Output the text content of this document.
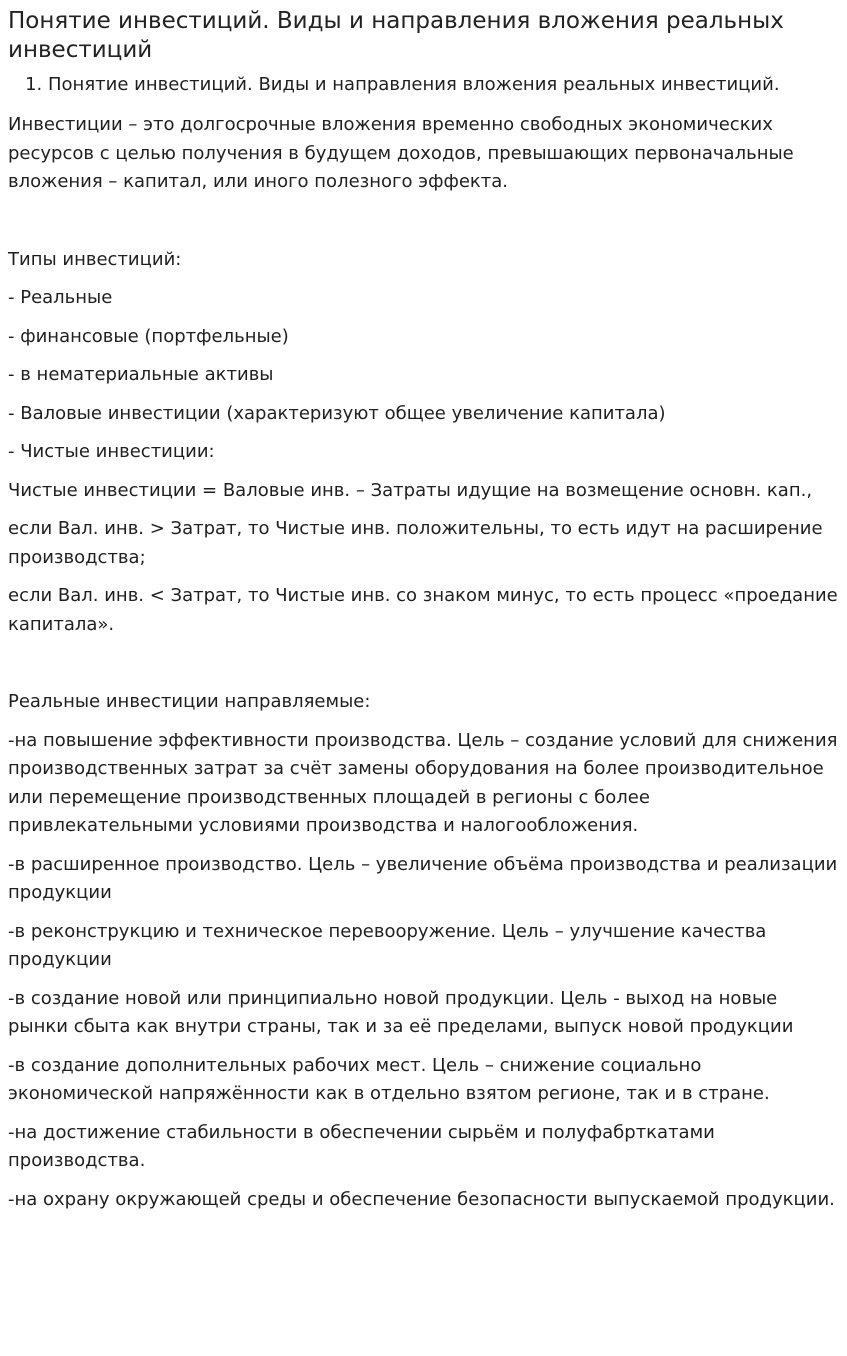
Понятие инвестиций. Виды и направления вложения реальных инвестиций
1. Понятие инвестиций. Виды и направления вложения реальных инвестиций.

Инвестиции – это долгосрочные вложения временно свободных экономических ресурсов с целью получения в будущем доходов, превышающих первоначальные вложения – капитал, или иного полезного эффекта.

Типы инвестиций:

- Реальные

- финансовые (портфельные)

- в нематериальные активы

- Валовые инвестиции (характеризуют общее увеличение капитала)

- Чистые инвестиции:

Чистые инвестиции = Валовые инв. – Затраты идущие на возмещение основн. кап.,

если Вал. инв. > Затрат, то Чистые инв. положительны, то есть идут на расширение производства;

если Вал. инв. < Затрат, то Чистые инв. со знаком минус, то есть процесс «проедание капитала».

Реальные инвестиции направляемые:

-на повышение эффективности производства. Цель – создание условий для снижения производственных затрат за счёт замены оборудования на более производительное или перемещение производственных площадей в регионы с более привлекательными условиями производства и налогообложения.

-в расширенное производство. Цель – увеличение объёма производства и реализации продукции

-в реконструкцию и техническое перевооружение. Цель – улучшение качества продукции

-в создание новой или принципиально новой продукции. Цель - выход на новые рынки сбыта как внутри страны, так и за её пределами, выпуск новой продукции

-в создание дополнительных рабочих мест. Цель – снижение социально экономической напряжённости как в отдельно взятом регионе, так и в стране.

-на достижение стабильности в обеспечении сырьём и полуфабрткатами производства.

-на охрану окружающей среды и обеспечение безопасности выпускаемой продукции.
